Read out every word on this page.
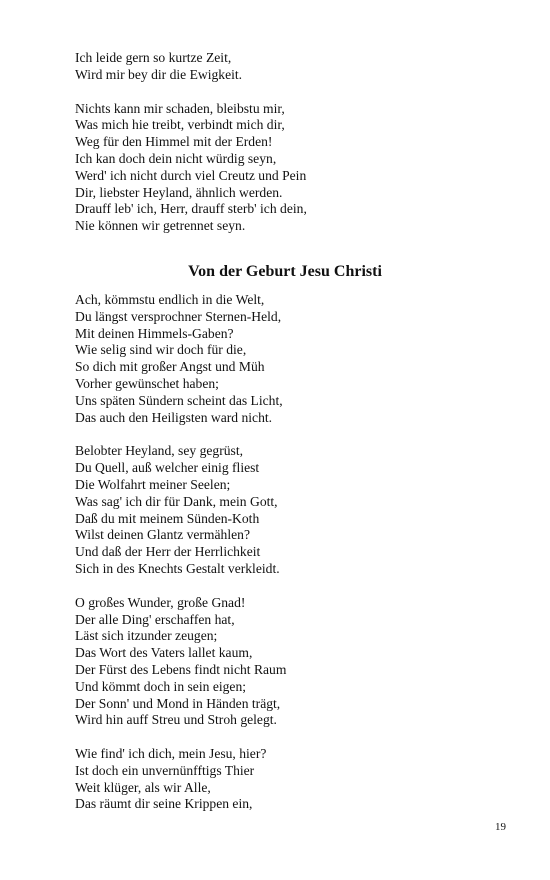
Ich leide gern so kurtze Zeit,
Wird mir bey dir die Ewigkeit.
Nichts kann mir schaden, bleibstu mir,
Was mich hie treibt, verbindt mich dir,
Weg für den Himmel mit der Erden!
Ich kan doch dein nicht würdig seyn,
Werd' ich nicht durch viel Creutz und Pein
Dir, liebster Heyland, ähnlich werden.
Drauff leb' ich, Herr, drauff sterb' ich dein,
Nie können wir getrennet seyn.
Von der Geburt Jesu Christi
Ach, kömmstu endlich in die Welt,
Du längst versprochner Sternen-Held,
Mit deinen Himmels-Gaben?
Wie selig sind wir doch für die,
So dich mit großer Angst und Müh
Vorher gewünschet haben;
Uns späten Sündern scheint das Licht,
Das auch den Heiligsten ward nicht.
Belobter Heyland, sey gegrüst,
Du Quell, auß welcher einig fliest
Die Wolfahrt meiner Seelen;
Was sag' ich dir für Dank, mein Gott,
Daß du mit meinem Sünden-Koth
Wilst deinen Glantz vermählen?
Und daß der Herr der Herrlichkeit
Sich in des Knechts Gestalt verkleidt.
O großes Wunder, große Gnad!
Der alle Ding' erschaffen hat,
Läst sich itzunder zeugen;
Das Wort des Vaters lallet kaum,
Der Fürst des Lebens findt nicht Raum
Und kömmt doch in sein eigen;
Der Sonn' und Mond in Händen trägt,
Wird hin auff Streu und Stroh gelegt.
Wie find' ich dich, mein Jesu, hier?
Ist doch ein unvernünfftigs Thier
Weit klüger, als wir Alle,
Das räumt dir seine Krippen ein,
19
